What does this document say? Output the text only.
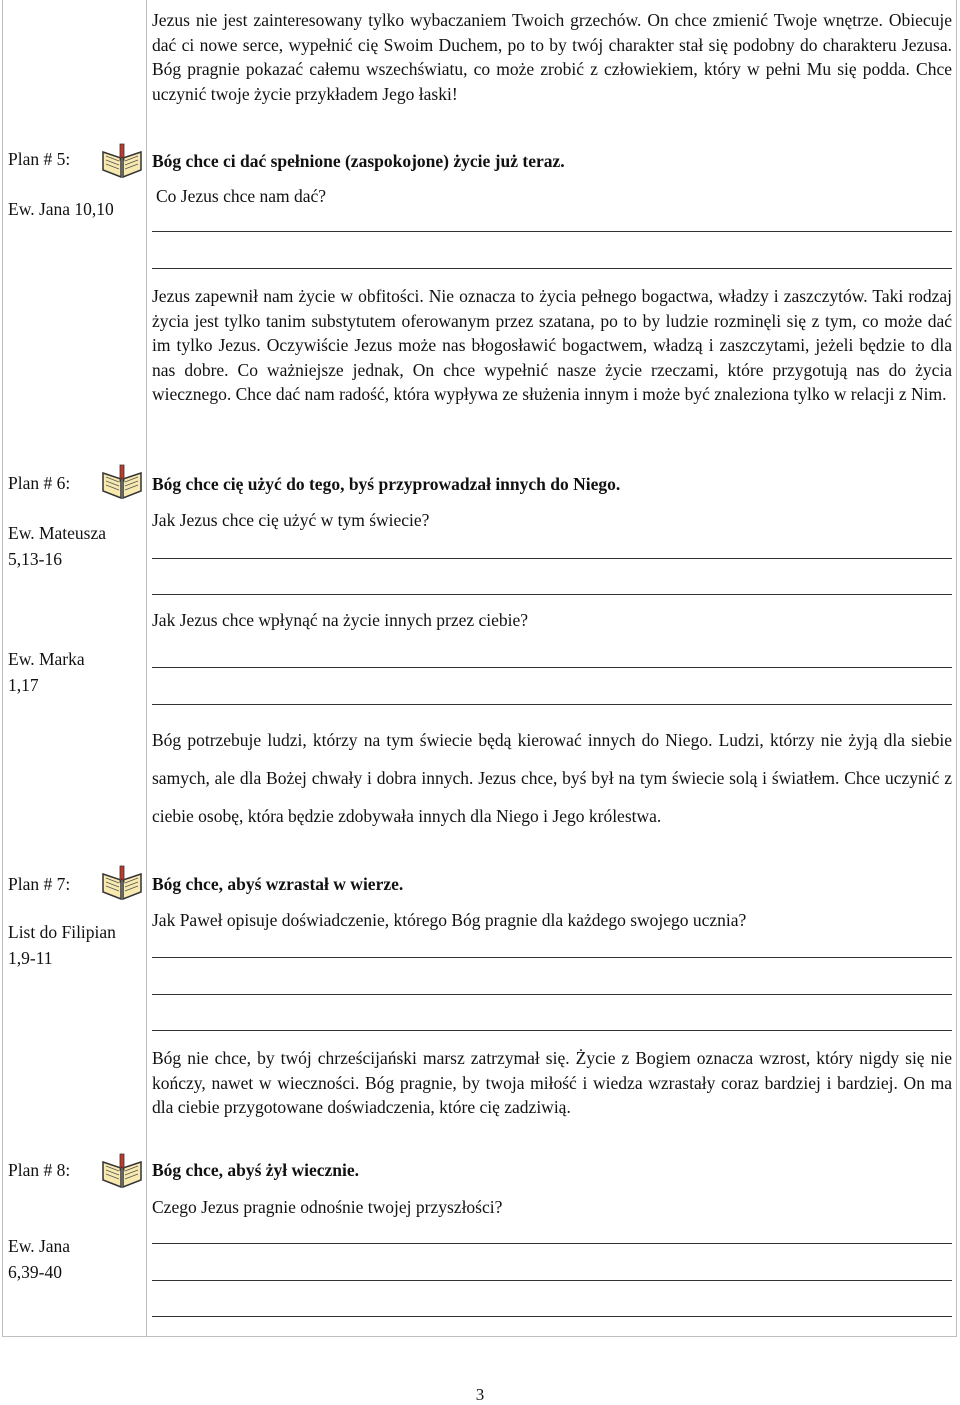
Jezus nie jest zainteresowany tylko wybaczaniem Twoich grzechów. On chce zmienić Twoje wnętrze. Obiecuje dać ci nowe serce, wypełnić cię Swoim Duchem, po to by twój charakter stał się podobny do charakteru Jezusa. Bóg pragnie pokazać całemu wszechświatu, co może zrobić z człowiekiem, który w pełni Mu się podda. Chce uczynić twoje życie przykładem Jego łaski!

Plan # 5:
Ew. Jana 10,10
Bóg chce ci dać spełnione (zaspokojone) życie już teraz.
Co Jezus chce nam dać?

Jezus zapewnił nam życie w obfitości. Nie oznacza to życia pełnego bogactwa, władzy i zaszczytów. Taki rodzaj życia jest tylko tanim substytutem oferowanym przez szatana, po to by ludzie rozminęli się z tym, co może dać im tylko Jezus. Oczywiście Jezus może nas błogosławić bogactwem, władzą i zaszczytami, jeżeli będzie to dla nas dobre. Co ważniejsze jednak, On chce wypełnić nasze życie rzeczami, które przygotują nas do życia wiecznego. Chce dać nam radość, która wypływa ze służenia innym i może być znaleziona tylko w relacji z Nim.

Plan # 6:
Ew. Mateusza 5,13-16
Ew. Marka 1,17
Bóg chce cię użyć do tego, byś przyprowadzał innych do Niego.
Jak Jezus chce cię użyć w tym świecie?
Jak Jezus chce wpłynąć na życie innych przez ciebie?

Bóg potrzebuje ludzi, którzy na tym świecie będą kierować innych do Niego. Ludzi, którzy nie żyją dla siebie samych, ale dla Bożej chwały i dobra innych. Jezus chce, byś był na tym świecie solą i światłem. Chce uczynić z ciebie osobę, która będzie zdobywała innych dla Niego i Jego królestwa.

Plan # 7:
List do Filipian 1,9-11
Bóg chce, abyś wzrastał w wierze.
Jak Paweł opisuje doświadczenie, którego Bóg pragnie dla każdego swojego ucznia?

Bóg nie chce, by twój chrześcijański marsz zatrzymał się. Życie z Bogiem oznacza wzrost, który nigdy się nie kończy, nawet w wieczności. Bóg pragnie, by twoja miłość i wiedza wzrastały coraz bardziej i bardziej. On ma dla ciebie przygotowane doświadczenia, które cię zadziwią.

Plan # 8:
Ew. Jana 6,39-40
Bóg chce, abyś żył wiecznie.
Czego Jezus pragnie odnośnie twojej przyszłości?
3
